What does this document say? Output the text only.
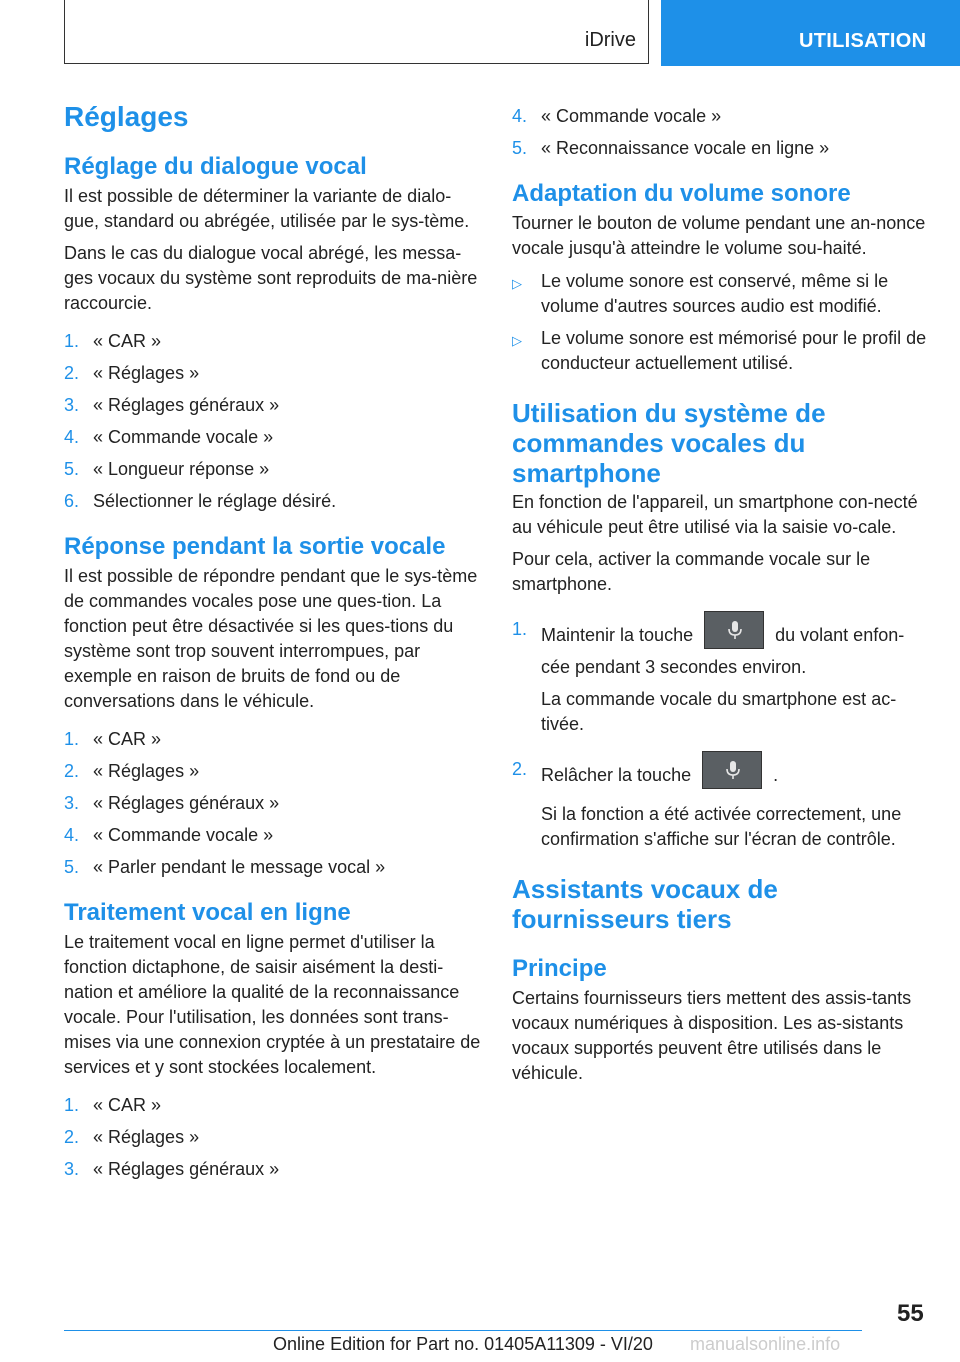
iDrive	UTILISATION
Réglages
Réglage du dialogue vocal

Il est possible de déterminer la variante de dialo‐gue, standard ou abrégée, utilisée par le sys‐tème.

Dans le cas du dialogue vocal abrégé, les messa‐ges vocaux du système sont reproduits de ma‐nière raccourcie.

1. « CAR »
2. « Réglages »
3. « Réglages généraux »
4. « Commande vocale »
5. « Longueur réponse »
6. Sélectionner le réglage désiré.
Réponse pendant la sortie vocale

Il est possible de répondre pendant que le sys‐tème de commandes vocales pose une ques‐tion. La fonction peut être désactivée si les ques‐tions du système sont trop souvent interrompues, par exemple en raison de bruits de fond ou de conversations dans le véhicule.

1. « CAR »
2. « Réglages »
3. « Réglages généraux »
4. « Commande vocale »
5. « Parler pendant le message vocal »
Traitement vocal en ligne

Le traitement vocal en ligne permet d'utiliser la fonction dictaphone, de saisir aisément la desti‐nation et améliore la qualité de la reconnaissance vocale. Pour l'utilisation, les données sont trans‐mises via une connexion cryptée à un prestataire de services et y sont stockées localement.

1. « CAR »
2. « Réglages »
3. « Réglages généraux »
4. « Commande vocale »
5. « Reconnaissance vocale en ligne »
Adaptation du volume sonore

Tourner le bouton de volume pendant une an‐nonce vocale jusqu'à atteindre le volume sou‐haité.

▷	Le volume sonore est conservé, même si le volume d'autres sources audio est modifié.
▷	Le volume sonore est mémorisé pour le profil de conducteur actuellement utilisé.
Utilisation du système de commandes vocales du smartphone

En fonction de l'appareil, un smartphone con‐necté au véhicule peut être utilisé via la saisie vo‐cale.

Pour cela, activer la commande vocale sur le smartphone.

1. Maintenir la touche	du volant enfon‐cée pendant 3 secondes environ.
La commande vocale du smartphone est ac‐tivée.
2. Relâcher la touche	.
Si la fonction a été activée correctement, une confirmation s'affiche sur l'écran de contrôle.
Assistants vocaux de fournisseurs tiers
Principe

Certains fournisseurs tiers mettent des assis‐tants vocaux numériques à disposition. Les as‐sistants vocaux supportés peuvent être utilisés dans le véhicule.

55
Online Edition for Part no. 01405A11309 - VI/20	manualsonline.info
